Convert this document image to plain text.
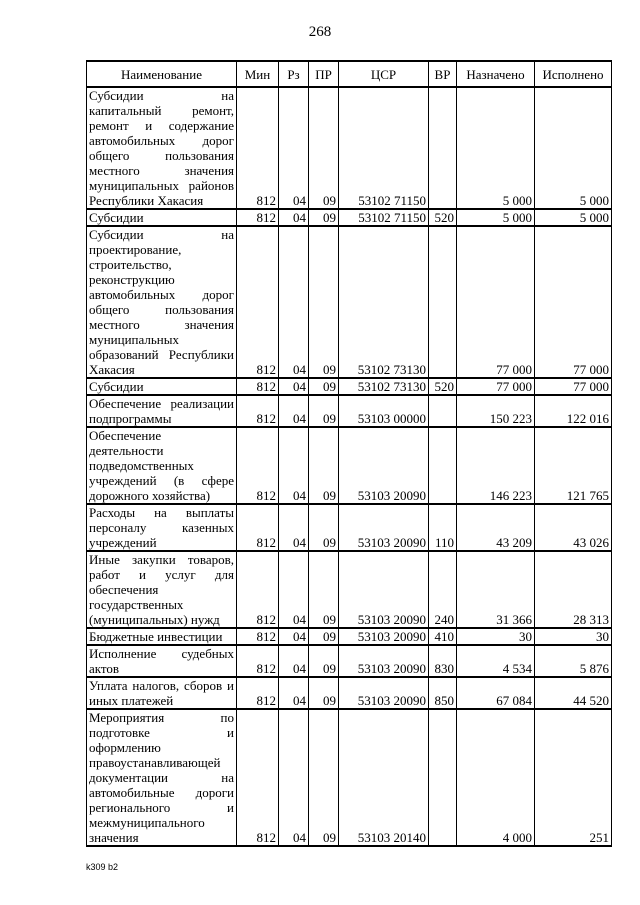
268
Наименование	Мин	Рз	ПР	ЦСР	ВР	Назначено	Исполнено
Субсидии на капитальный ремонт, ремонт и содержание автомобильных дорог общего пользования местного значения муниципальных районов Республики Хакасия	812	04	09	53102 71150		5 000	5 000
Субсидии	812	04	09	53102 71150	520	5 000	5 000
Субсидии на проектирование, строительство, реконструкцию автомобильных дорог общего пользования местного значения муниципальных образований Республики Хакасия	812	04	09	53102 73130		77 000	77 000
Субсидии	812	04	09	53102 73130	520	77 000	77 000
Обеспечение реализации подпрограммы	812	04	09	53103 00000		150 223	122 016
Обеспечение деятельности подведомственных учреждений (в сфере дорожного хозяйства)	812	04	09	53103 20090		146 223	121 765
Расходы на выплаты персоналу казенных учреждений	812	04	09	53103 20090	110	43 209	43 026
Иные закупки товаров, работ и услуг для обеспечения государственных (муниципальных) нужд	812	04	09	53103 20090	240	31 366	28 313
Бюджетные инвестиции	812	04	09	53103 20090	410	30	30
Исполнение судебных актов	812	04	09	53103 20090	830	4 534	5 876
Уплата налогов, сборов и иных платежей	812	04	09	53103 20090	850	67 084	44 520
Мероприятия по подготовке и оформлению правоустанавливающей документации на автомобильные дороги регионального и межмуниципального значения	812	04	09	53103 20140		4 000	251
k309 b2
